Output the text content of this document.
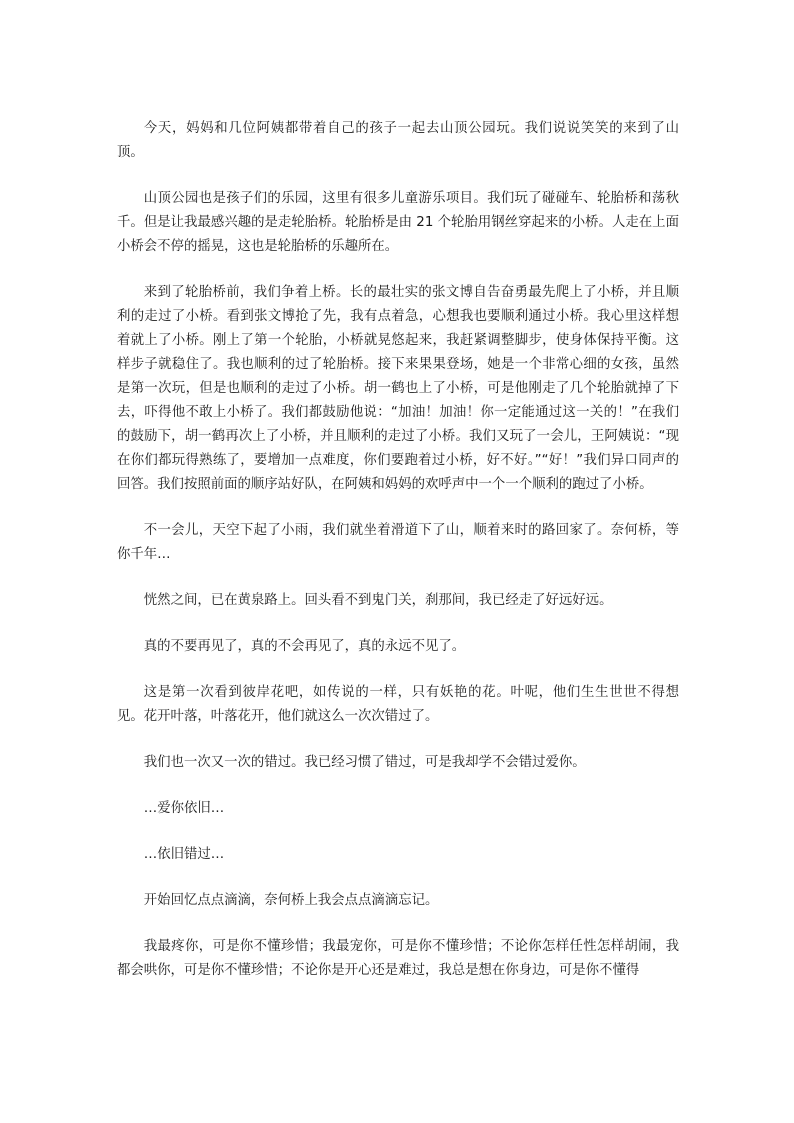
今天，妈妈和几位阿姨都带着自己的孩子一起去山顶公园玩。我们说说笑笑的来到了山顶。

山顶公园也是孩子们的乐园，这里有很多儿童游乐项目。我们玩了碰碰车、轮胎桥和荡秋千。但是让我最感兴趣的是走轮胎桥。轮胎桥是由 21 个轮胎用钢丝穿起来的小桥。人走在上面小桥会不停的摇晃，这也是轮胎桥的乐趣所在。

来到了轮胎桥前，我们争着上桥。长的最壮实的张文博自告奋勇最先爬上了小桥，并且顺利的走过了小桥。看到张文博抢了先，我有点着急，心想我也要顺利通过小桥。我心里这样想着就上了小桥。刚上了第一个轮胎，小桥就晃悠起来，我赶紧调整脚步，使身体保持平衡。这样步子就稳住了。我也顺利的过了轮胎桥。接下来果果登场，她是一个非常心细的女孩，虽然是第一次玩，但是也顺利的走过了小桥。胡一鹤也上了小桥，可是他刚走了几个轮胎就掉了下去，吓得他不敢上小桥了。我们都鼓励他说：“加油！加油！你一定能通过这一关的！”在我们的鼓励下，胡一鹤再次上了小桥，并且顺利的走过了小桥。我们又玩了一会儿，王阿姨说：“现在你们都玩得熟练了，要增加一点难度，你们要跑着过小桥，好不好。”“好！”我们异口同声的回答。我们按照前面的顺序站好队，在阿姨和妈妈的欢呼声中一个一个顺利的跑过了小桥。

不一会儿，天空下起了小雨，我们就坐着滑道下了山，顺着来时的路回家了。奈何桥，等你千年…

恍然之间，已在黄泉路上。回头看不到鬼门关，刹那间，我已经走了好远好远。

真的不要再见了，真的不会再见了，真的永远不见了。

这是第一次看到彼岸花吧，如传说的一样，只有妖艳的花。叶呢，他们生生世世不得想见。花开叶落，叶落花开，他们就这么一次次错过了。

我们也一次又一次的错过。我已经习惯了错过，可是我却学不会错过爱你。

…爱你依旧…

…依旧错过…

开始回忆点点滴滴，奈何桥上我会点点滴滴忘记。

我最疼你，可是你不懂珍惜；我最宠你，可是你不懂珍惜；不论你怎样任性怎样胡闹，我都会哄你，可是你不懂珍惜；不论你是开心还是难过，我总是想在你身边，可是你不懂得
